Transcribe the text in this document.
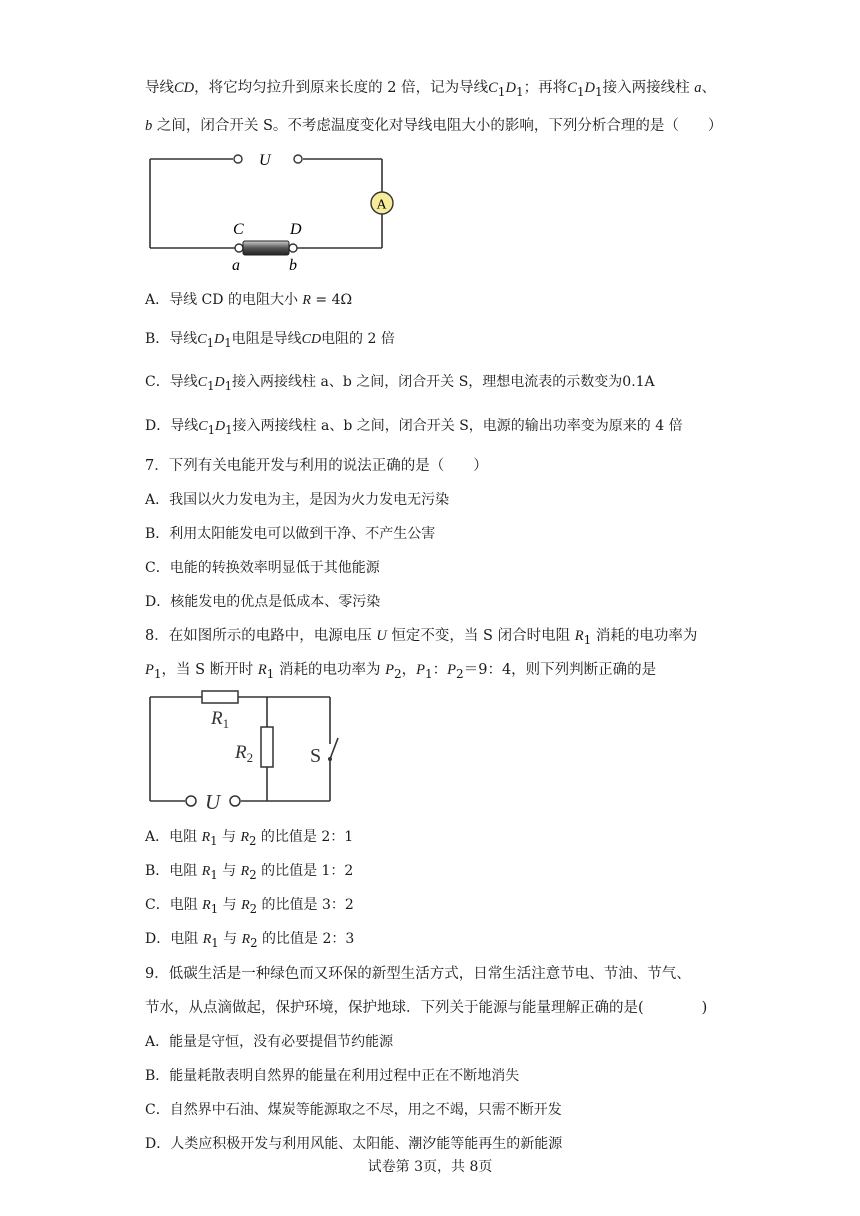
导线CD，将它均匀拉升到原来长度的 2 倍，记为导线$C_1D_1$；再将$C_1D_1$接入两接线柱 a、
b 之间，闭合开关 S。不考虑温度变化对导线电阻大小的影响，下列分析合理的是（　　）
U
A
C	D
a	b
A．导线 CD 的电阻大小 R = 4Ω
B．导线$C_1D_1$电阻是导线CD电阻的 2 倍
C．导线$C_1D_1$接入两接线柱 a、b 之间，闭合开关 S，理想电流表的示数变为0.1A
D．导线$C_1D_1$接入两接线柱 a、b 之间，闭合开关 S，电源的输出功率变为原来的 4 倍
7．下列有关电能开发与利用的说法正确的是（　　）
A．我国以火力发电为主，是因为火力发电无污染
B．利用太阳能发电可以做到干净、不产生公害
C．电能的转换效率明显低于其他能源
D．核能发电的优点是低成本、零污染
8．在如图所示的电路中，电源电压 U 恒定不变，当 S 闭合时电阻 $R_1$ 消耗的电功率为
$P_1$，当 S 断开时 $R_1$ 消耗的电功率为 $P_2$，$P_1$：$P_2=9$：4，则下列判断正确的是
$R_1$
$R_2$	S
U
A．电阻 $R_1$ 与 $R_2$ 的比值是 2：1
B．电阻 $R_1$ 与 $R_2$ 的比值是 1：2
C．电阻 $R_1$ 与 $R_2$ 的比值是 3：2
D．电阻 $R_1$ 与 $R_2$ 的比值是 2：3
9．低碳生活是一种绿色而又环保的新型生活方式，日常生活注意节电、节油、节气、
节水，从点滴做起，保护环境，保护地球．下列关于能源与能量理解正确的是(　　　　)
A．能量是守恒，没有必要提倡节约能源
B．能量耗散表明自然界的能量在利用过程中正在不断地消失
C．自然界中石油、煤炭等能源取之不尽，用之不竭，只需不断开发
D．人类应积极开发与利用风能、太阳能、潮汐能等能再生的新能源
试卷第 3页，共 8页
